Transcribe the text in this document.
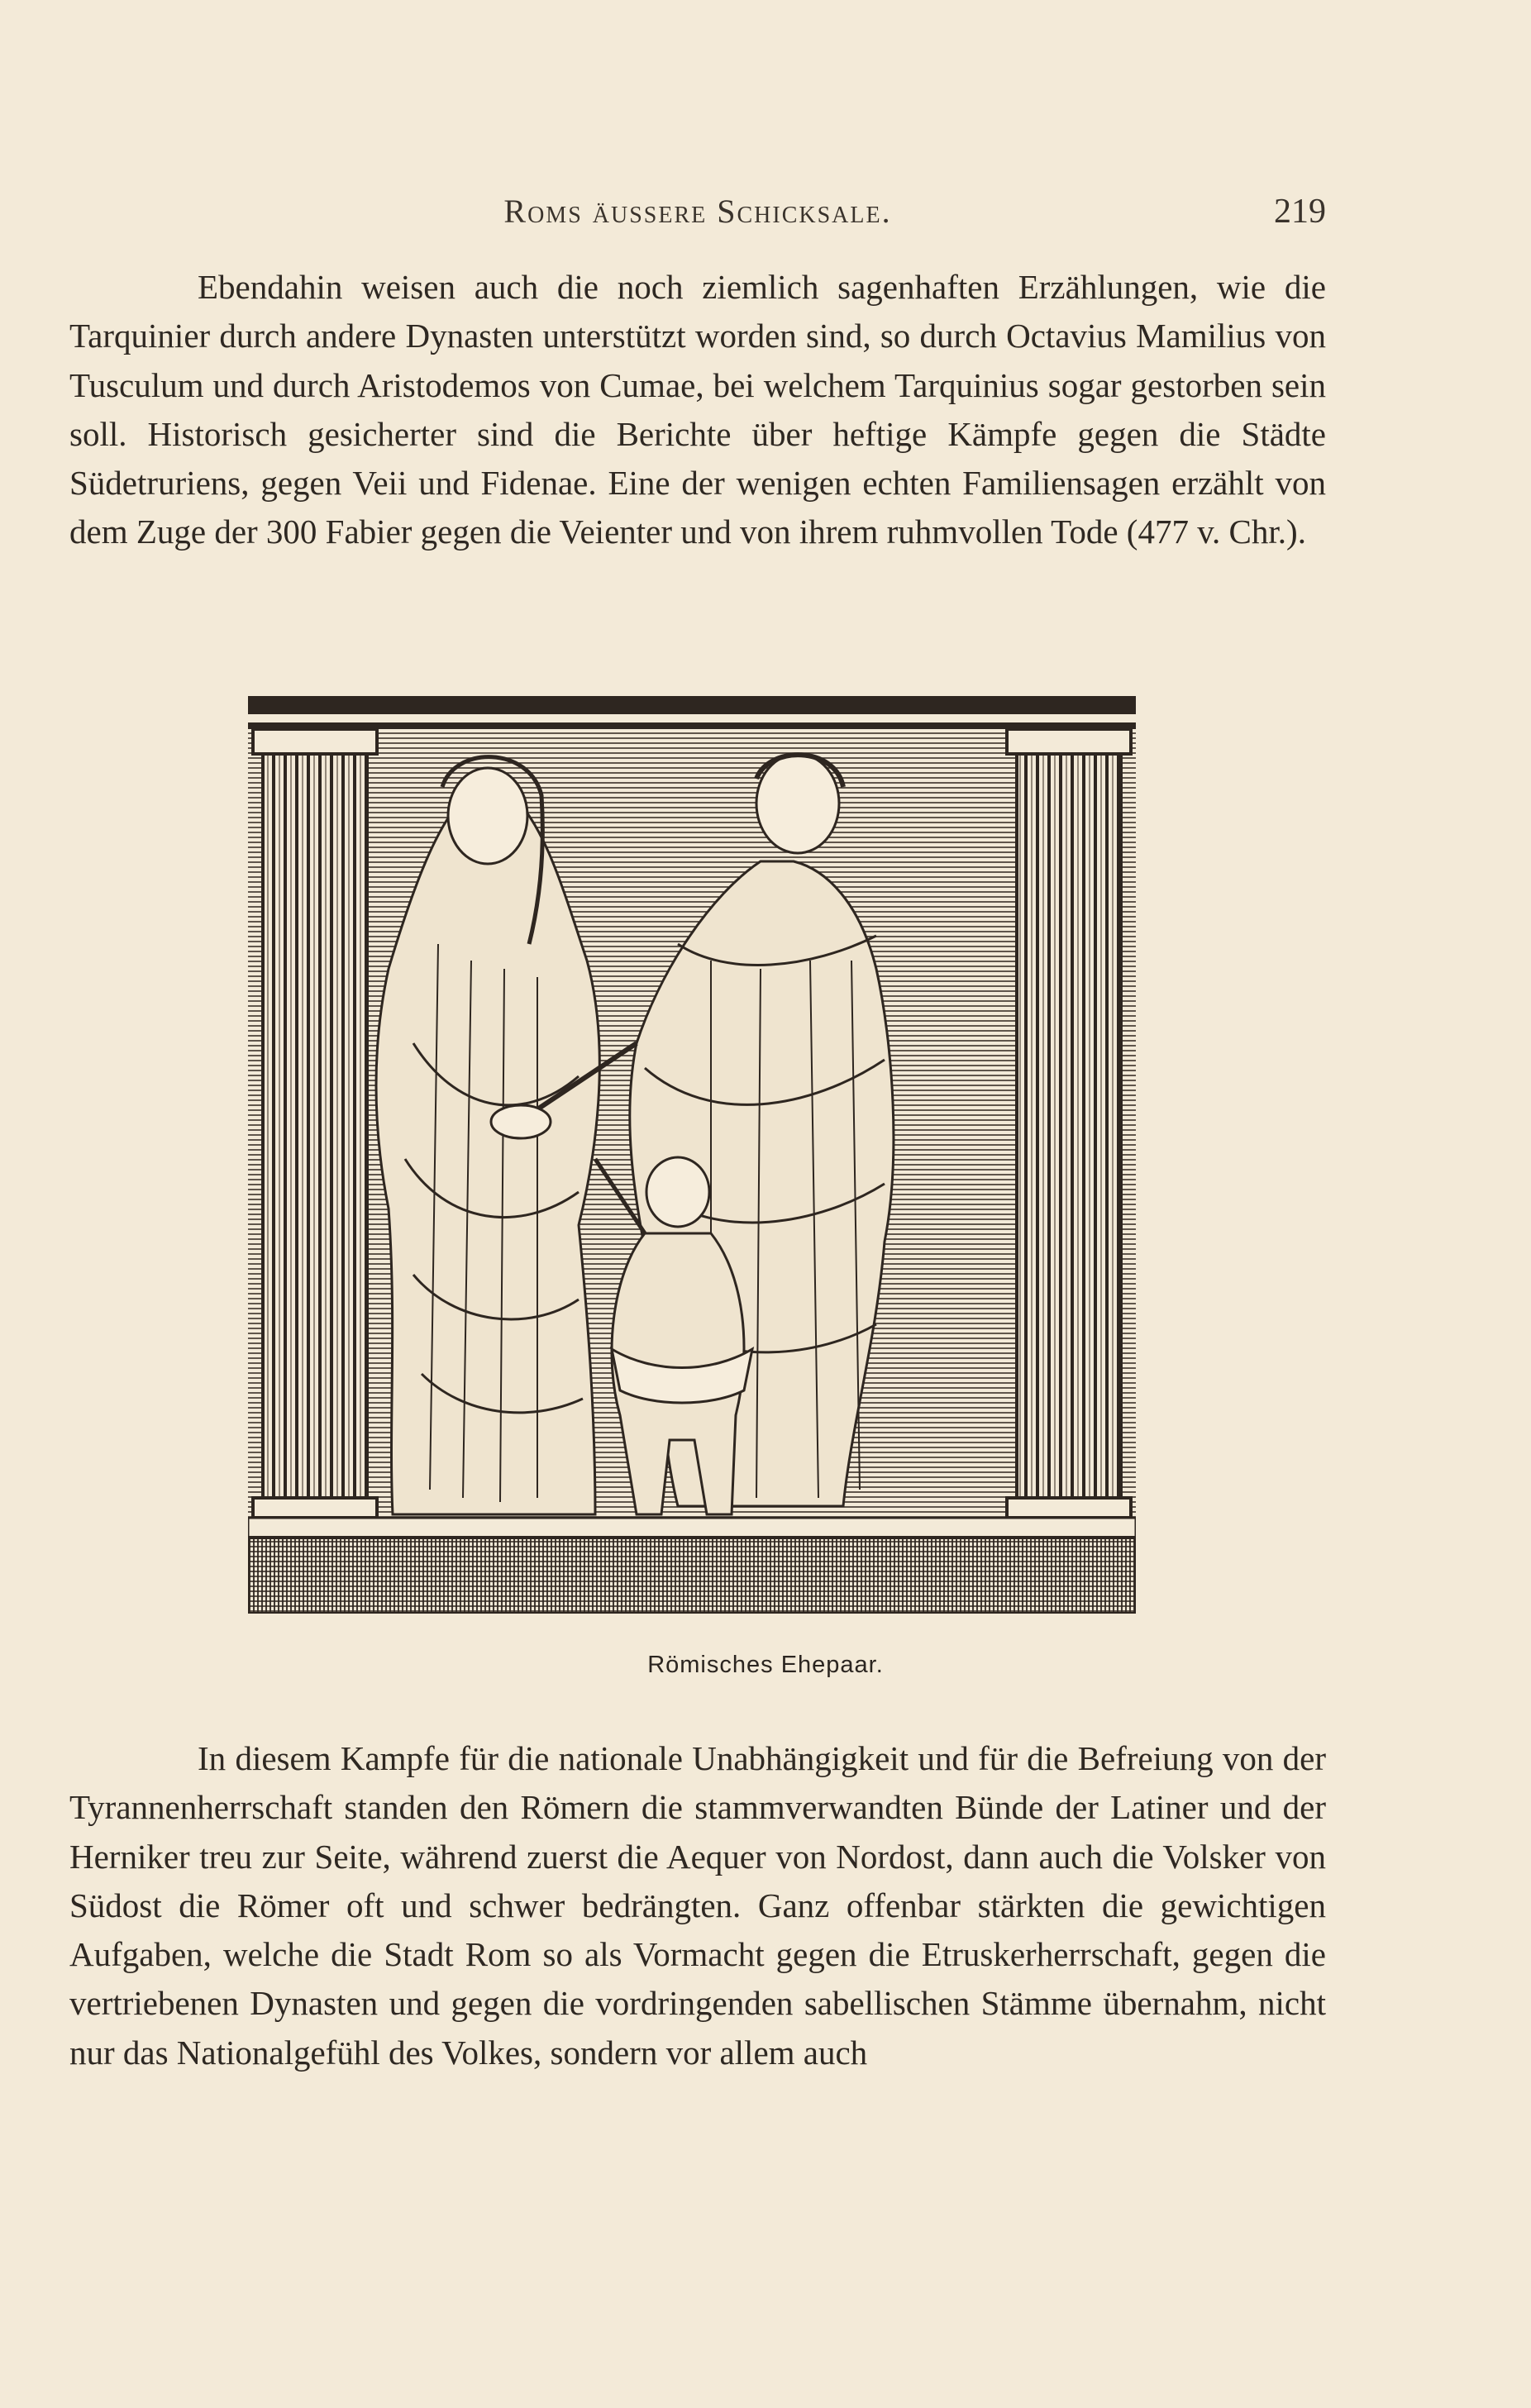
Roms äussere Schicksale.	219

Ebendahin weisen auch die noch ziemlich sagenhaften Erzählungen, wie die Tarquinier durch andere Dynasten unterstützt worden sind, so durch Octavius Mamilius von Tusculum und durch Aristodemos von Cumae, bei welchem Tarquinius sogar gestorben sein soll. Historisch gesicherter sind die Berichte über heftige Kämpfe gegen die Städte Südetruriens, gegen Veii und Fidenae. Eine der wenigen echten Familiensagen erzählt von dem Zuge der 300 Fabier gegen die Veienter und von ihrem ruhmvollen Tode (477 v. Chr.).

Römisches Ehepaar.

In diesem Kampfe für die nationale Unabhängigkeit und für die Befreiung von der Tyrannenherrschaft standen den Römern die stammverwandten Bünde der Latiner und der Herniker treu zur Seite, während zuerst die Aequer von Nordost, dann auch die Volsker von Südost die Römer oft und schwer bedrängten. Ganz offenbar stärkten die gewichtigen Aufgaben, welche die Stadt Rom so als Vormacht gegen die Etruskerherrschaft, gegen die vertriebenen Dynasten und gegen die vordringenden sabellischen Stämme übernahm, nicht nur das Nationalgefühl des Volkes, sondern vor allem auch
